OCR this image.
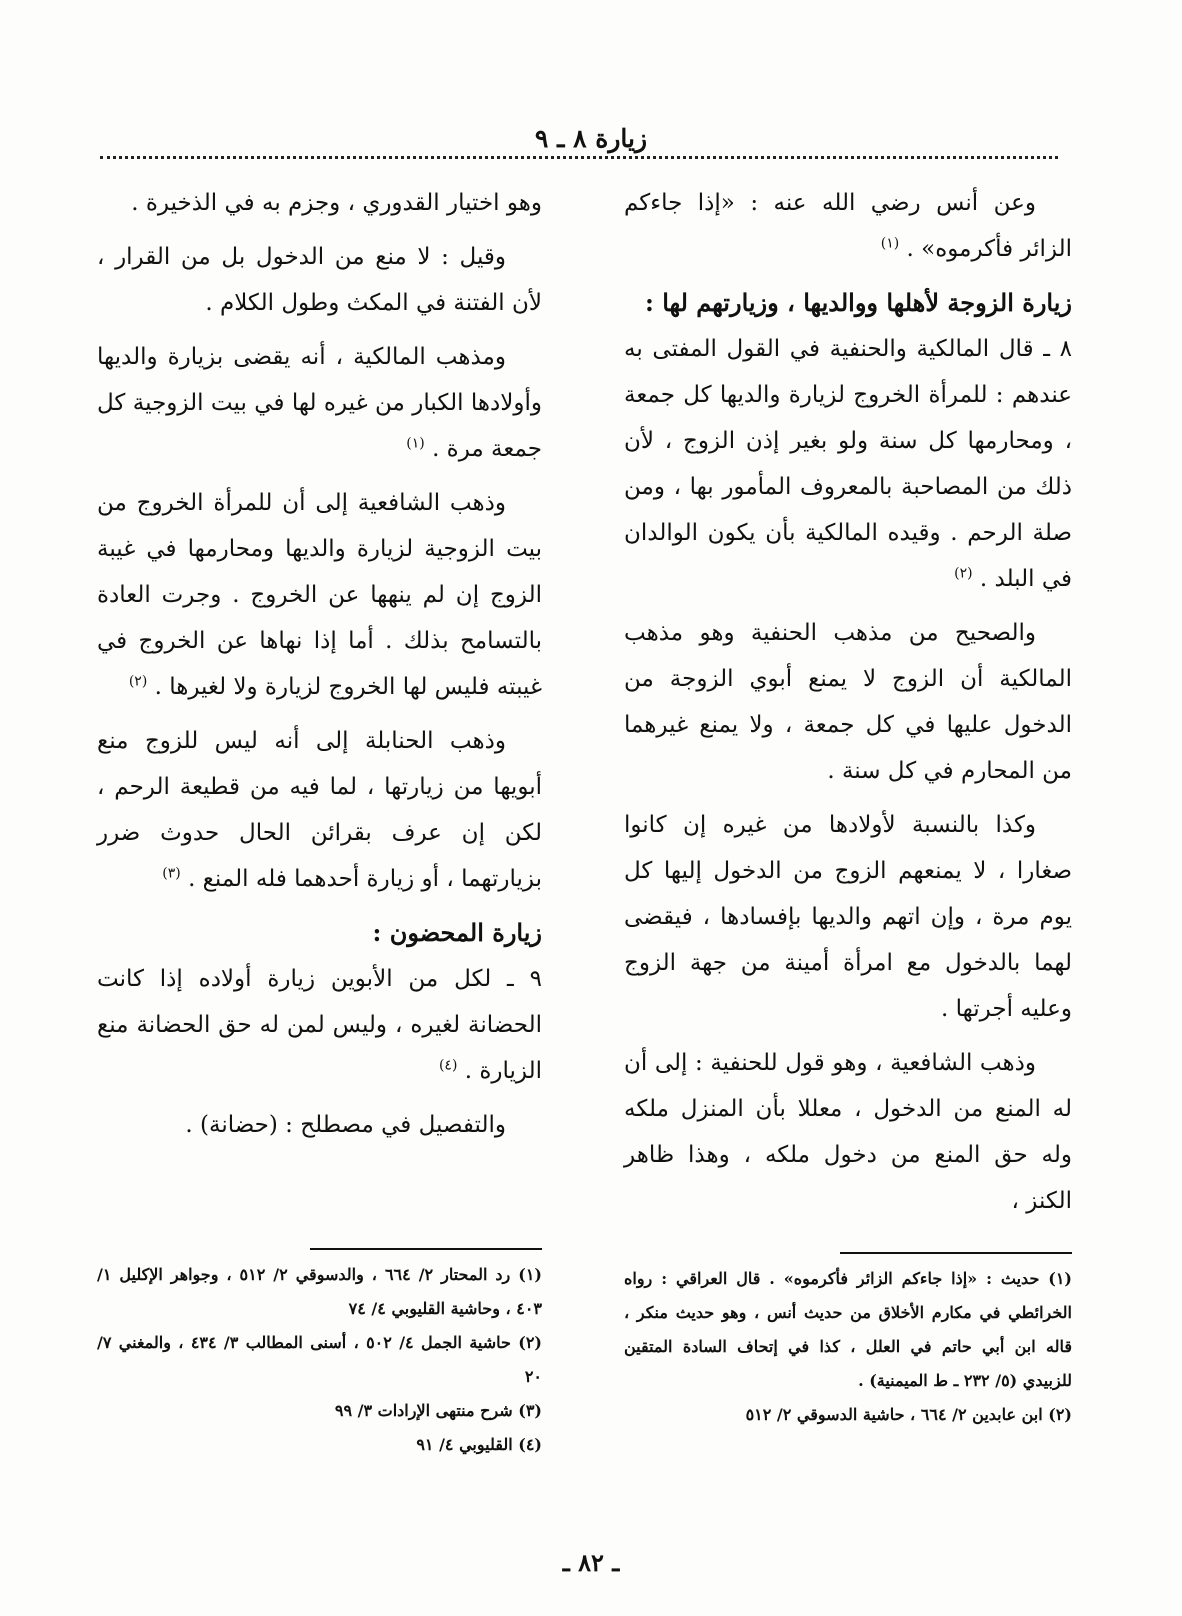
زيارة ٨ ـ ٩

وعن أنس رضي الله عنه : «إذا جاءكم الزائر فأكرموه» . $^{(١)}$

زيارة الزوجة لأهلها ووالديها ، وزيارتهم لها :

٨ ـ قال المالكية والحنفية في القول المفتى به عندهم : للمرأة الخروج لزيارة والديها كل جمعة ، ومحارمها كل سنة ولو بغير إذن الزوج ، لأن ذلك من المصاحبة بالمعروف المأمور بها ، ومن صلة الرحم . وقيده المالكية بأن يكون الوالدان في البلد . $^{(٢)}$

والصحيح من مذهب الحنفية وهو مذهب المالكية أن الزوج لا يمنع أبوي الزوجة من الدخول عليها في كل جمعة ، ولا يمنع غيرهما من المحارم في كل سنة .

وكذا بالنسبة لأولادها من غيره إن كانوا صغارا ، لا يمنعهم الزوج من الدخول إليها كل يوم مرة ، وإن اتهم والديها بإفسادها ، فيقضى لهما بالدخول مع امرأة أمينة من جهة الزوج وعليه أجرتها .

وذهب الشافعية ، وهو قول للحنفية : إلى أن له المنع من الدخول ، معللا بأن المنزل ملكه وله حق المنع من دخول ملكه ، وهذا ظاهر الكنز ،

وهو اختيار القدوري ، وجزم به في الذخيرة .

وقيل : لا منع من الدخول بل من القرار ، لأن الفتنة في المكث وطول الكلام .

ومذهب المالكية ، أنه يقضى بزيارة والديها وأولادها الكبار من غيره لها في بيت الزوجية كل جمعة مرة . $^{(١)}$

وذهب الشافعية إلى أن للمرأة الخروج من بيت الزوجية لزيارة والديها ومحارمها في غيبة الزوج إن لم ينهها عن الخروج . وجرت العادة بالتسامح بذلك . أما إذا نهاها عن الخروج في غيبته فليس لها الخروج لزيارة ولا لغيرها . $^{(٢)}$

وذهب الحنابلة إلى أنه ليس للزوج منع أبويها من زيارتها ، لما فيه من قطيعة الرحم ، لكن إن عرف بقرائن الحال حدوث ضرر بزيارتهما ، أو زيارة أحدهما فله المنع . $^{(٣)}$

زيارة المحضون :

٩ ـ لكل من الأبوين زيارة أولاده إذا كانت الحضانة لغيره ، وليس لمن له حق الحضانة منع الزيارة . $^{(٤)}$

والتفصيل في مصطلح : (حضانة) .

(١) حديث : «إذا جاءكم الزائر فأكرموه» . قال العراقي : رواه الخرائطي في مكارم الأخلاق من حديث أنس ، وهو حديث منكر ، قاله ابن أبي حاتم في العلل ، كذا في إتحاف السادة المتقين للزبيدي (٥/ ٢٣٢ ـ ط الميمنية) .

(٢) ابن عابدين ٢/ ٦٦٤ ، حاشية الدسوقي ٢/ ٥١٢

(١) رد المحتار ٢/ ٦٦٤ ، والدسوقي ٢/ ٥١٢ ، وجواهر الإكليل ١/ ٤٠٣ ، وحاشية القليوبي ٤/ ٧٤

(٢) حاشية الجمل ٤/ ٥٠٢ ، أسنى المطالب ٣/ ٤٣٤ ، والمغني ٧/ ٢٠

(٣) شرح منتهى الإرادات ٣/ ٩٩

(٤) القليوبي ٤/ ٩١

ـ ٨٢ ـ
